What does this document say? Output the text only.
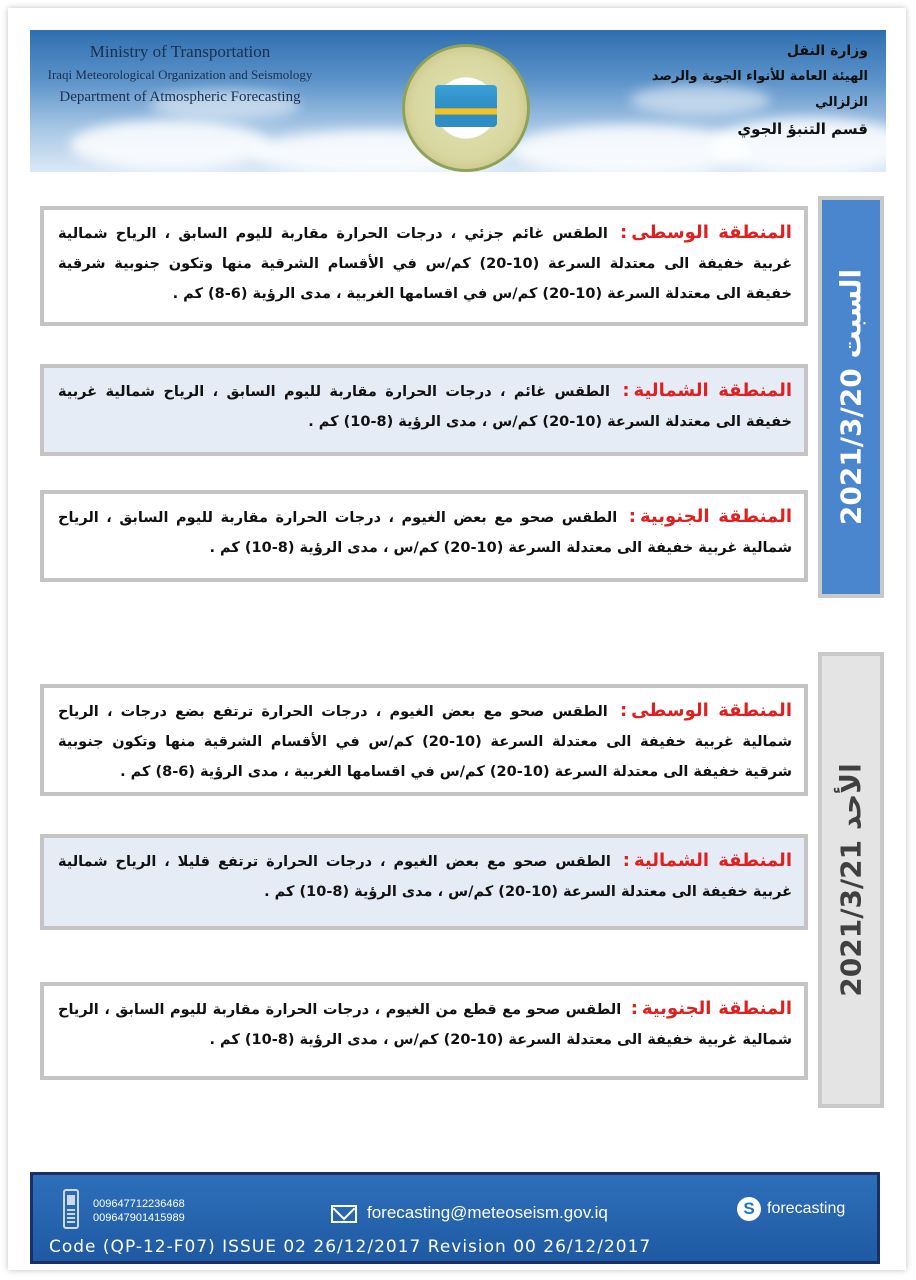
Ministry of Transportation
Iraqi Meteorological Organization and Seismology
Department of Atmospheric Forecasting
وزارة النقل
الهيئة العامة للأنواء الجوية والرصد الزلزالي
قسم التنبؤ الجوي
السبت 2021/3/20
المنطقة الوسطى: الطقس غائم جزئي ، درجات الحرارة مقاربة لليوم السابق ، الرياح شمالية غربية خفيفة الى معتدلة السرعة (10-20) كم/س في الأقسام الشرقية منها وتكون جنوبية شرقية خفيفة الى معتدلة السرعة (10-20) كم/س في اقسامها الغربية ، مدى الرؤية (6-8) كم .
المنطقة الشمالية: الطقس غائم ، درجات الحرارة مقاربة لليوم السابق ، الرياح شمالية غربية خفيفة الى معتدلة السرعة (10-20) كم/س ، مدى الرؤية (8-10) كم .
المنطقة الجنوبية: الطقس صحو مع بعض الغيوم ، درجات الحرارة مقاربة لليوم السابق ، الرياح شمالية غربية خفيفة الى معتدلة السرعة (10-20) كم/س ، مدى الرؤية (8-10) كم .
الأحد 2021/3/21
المنطقة الوسطى: الطقس صحو مع بعض الغيوم ، درجات الحرارة ترتفع بضع درجات ، الرياح شمالية غربية خفيفة الى معتدلة السرعة (10-20) كم/س في الأقسام الشرقية منها وتكون جنوبية شرقية خفيفة الى معتدلة السرعة (10-20) كم/س في اقسامها الغربية ، مدى الرؤية (6-8) كم .
المنطقة الشمالية: الطقس صحو مع بعض الغيوم ، درجات الحرارة ترتفع قليلا ، الرياح شمالية غربية خفيفة الى معتدلة السرعة (10-20) كم/س ، مدى الرؤية (8-10) كم .
المنطقة الجنوبية: الطقس صحو مع قطع من الغيوم ، درجات الحرارة مقاربة لليوم السابق ، الرياح شمالية غربية خفيفة الى معتدلة السرعة (10-20) كم/س ، مدى الرؤية (8-10) كم .
009647712236468
009647901415989	forecasting@meteoseism.gov.iq	S forecasting
Code (QP-12-F07) ISSUE 02 26/12/2017 Revision 00 26/12/2017
